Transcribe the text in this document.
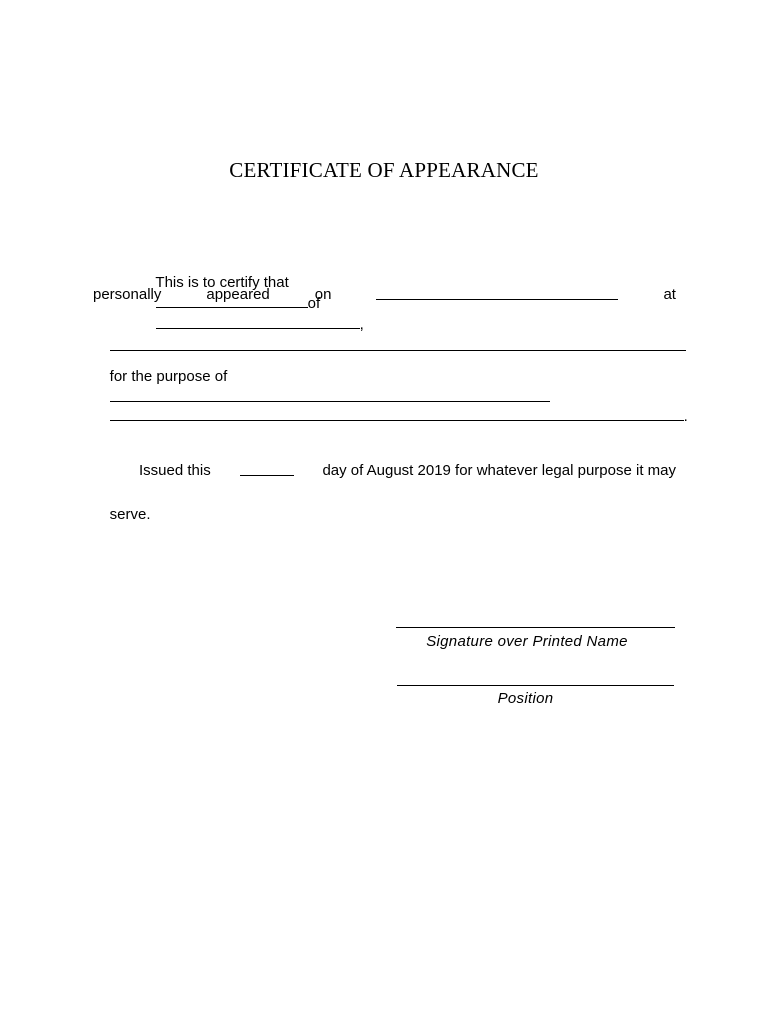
CERTIFICATE OF APPEARANCE

This is to certify that
of
,

personally	appeared	on	at

for the purpose of

.

Issued this	day of August 2019 for whatever legal purpose it may

serve.

Signature over Printed Name
Position
